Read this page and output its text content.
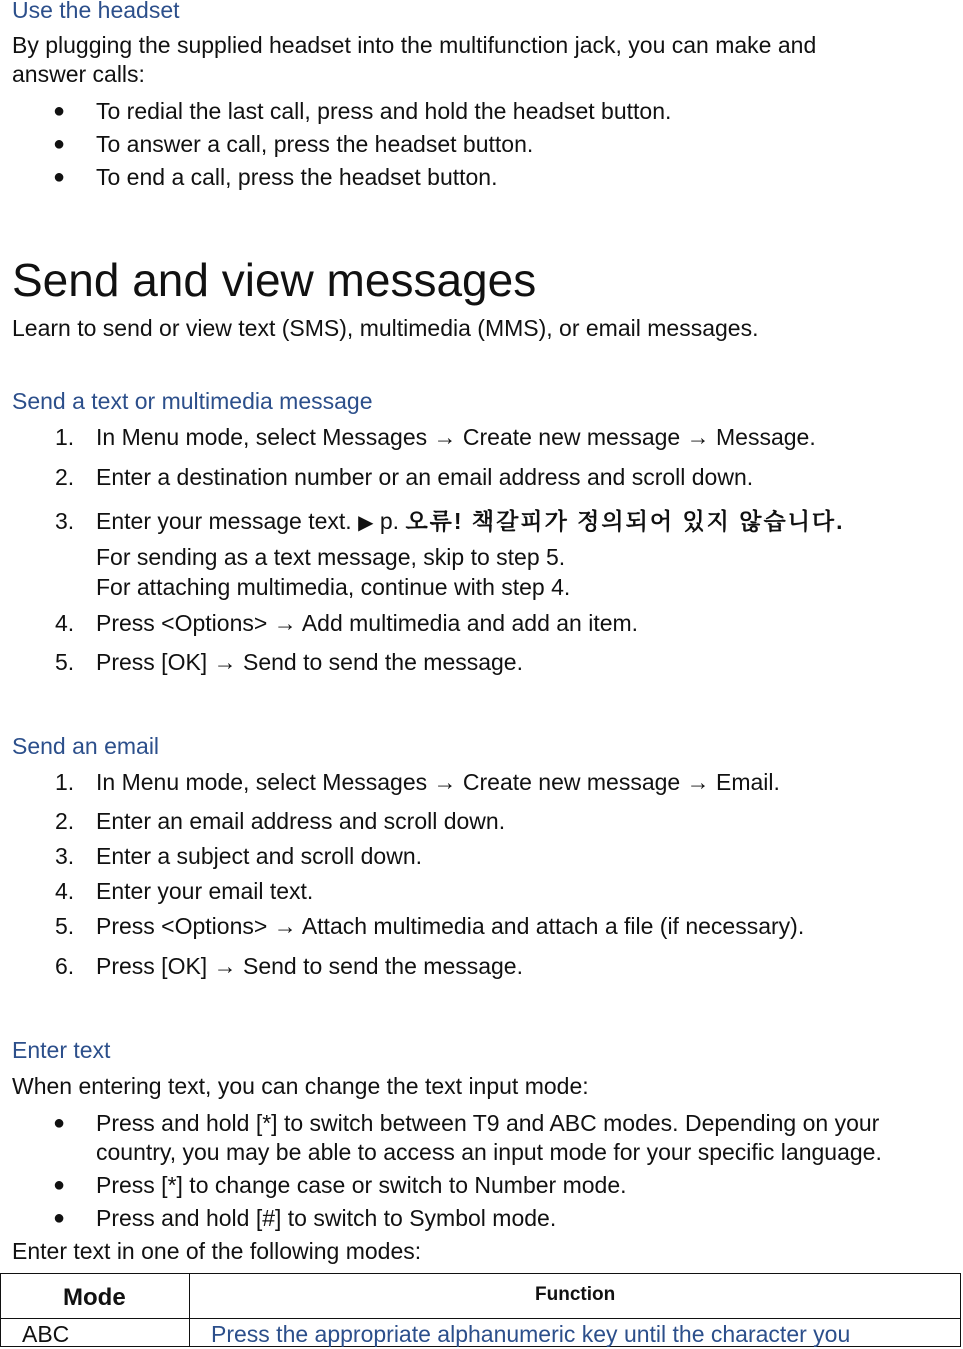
Use the headset
By plugging the supplied headset into the multifunction jack, you can make and
answer calls:
● To redial the last call, press and hold the headset button.
● To answer a call, press the headset button.
● To end a call, press the headset button.
Send and view messages
Learn to send or view text (SMS), multimedia (MMS), or email messages.
Send a text or multimedia message
1. In Menu mode, select Messages → Create new message → Message.
2. Enter a destination number or an email address and scroll down.
3. Enter your message text. ▶ p. 오류! 책갈피가 정의되어 있지 않습니다.
For sending as a text message, skip to step 5.
For attaching multimedia, continue with step 4.
4. Press <Options> → Add multimedia and add an item.
5. Press [OK] → Send to send the message.
Send an email
1. In Menu mode, select Messages → Create new message → Email.
2. Enter an email address and scroll down.
3. Enter a subject and scroll down.
4. Enter your email text.
5. Press <Options> → Attach multimedia and attach a file (if necessary).
6. Press [OK] → Send to send the message.
Enter text
When entering text, you can change the text input mode:
● Press and hold [*] to switch between T9 and ABC modes. Depending on your
country, you may be able to access an input mode for your specific language.
● Press [*] to change case or switch to Number mode.
● Press and hold [#] to switch to Symbol mode.
Enter text in one of the following modes:
Mode	Function
ABC	Press the appropriate alphanumeric key until the character you
